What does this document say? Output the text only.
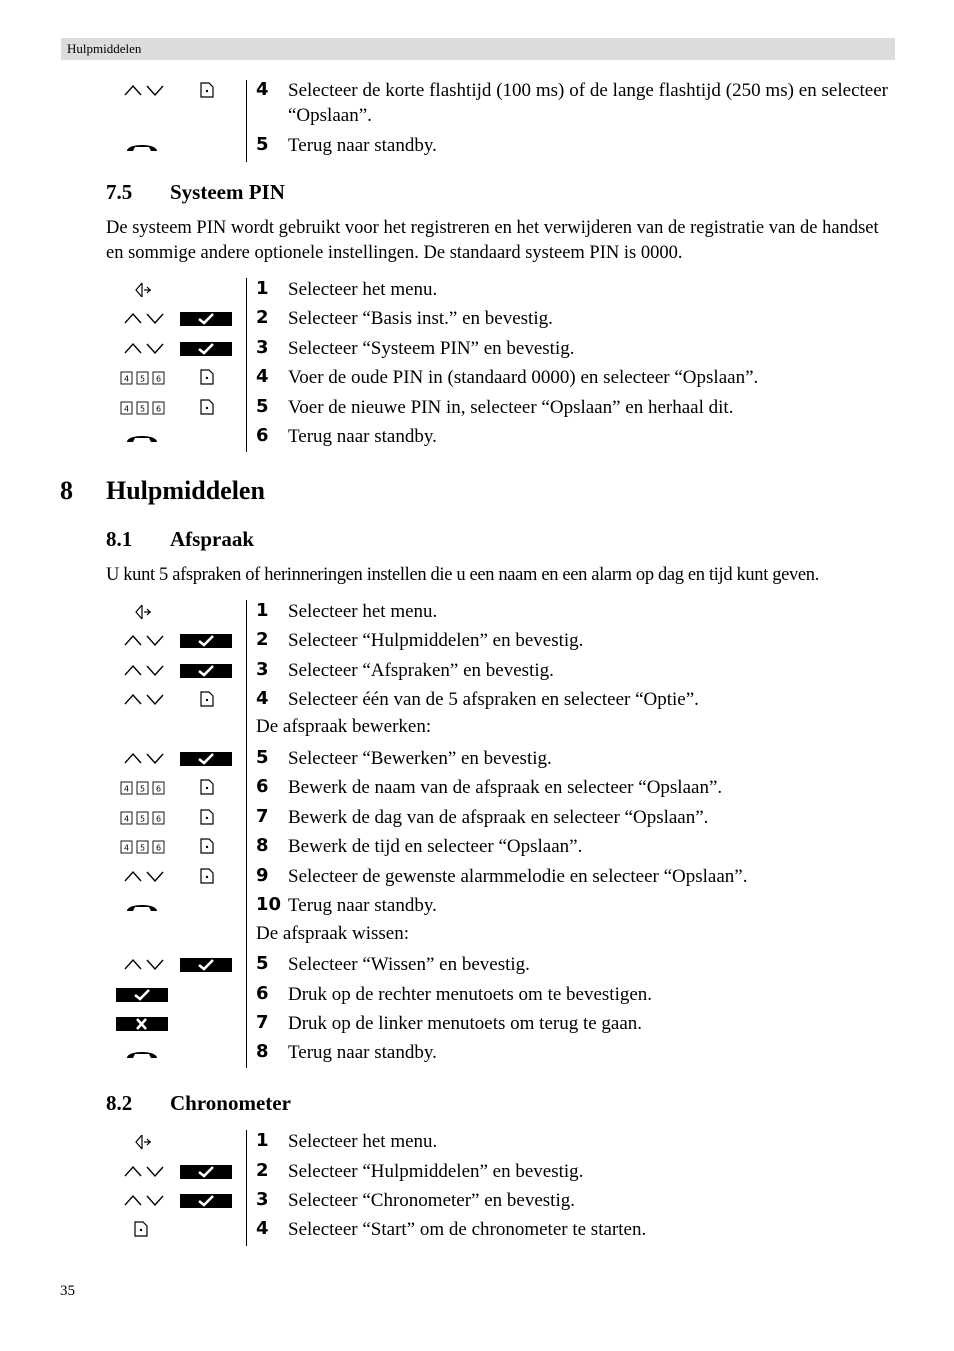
Hulpmiddelen
4 Selecteer de korte flashtijd (100 ms) of de lange flashtijd (250 ms) en selecteer “Opslaan”.
5 Terug naar standby.
7.5 Systeem PIN
De systeem PIN wordt gebruikt voor het registreren en het verwijderen van de registratie van de handset en sommige andere optionele instellingen. De standaard systeem PIN is 0000.
1 Selecteer het menu.
2 Selecteer “Basis inst.” en bevestig.
3 Selecteer “Systeem PIN” en bevestig.
4 5 6	4 Voer de oude PIN in (standaard 0000) en selecteer “Opslaan”.
4 5 6	5 Voer de nieuwe PIN in, selecteer “Opslaan” en herhaal dit.
6 Terug naar standby.
8 Hulpmiddelen
8.1 Afspraak
U kunt 5 afspraken of herinneringen instellen die u een naam en een alarm op dag en tijd kunt geven.
1 Selecteer het menu.
2 Selecteer “Hulpmiddelen” en bevestig.
3 Selecteer “Afspraken” en bevestig.
4 Selecteer één van de 5 afspraken en selecteer “Optie”.
De afspraak bewerken:
5 Selecteer “Bewerken” en bevestig.
4 5 6	6 Bewerk de naam van de afspraak en selecteer “Opslaan”.
4 5 6	7 Bewerk de dag van de afspraak en selecteer “Opslaan”.
4 5 6	8 Bewerk de tijd en selecteer “Opslaan”.
9 Selecteer de gewenste alarmmelodie en selecteer “Opslaan”.
10 Terug naar standby.
De afspraak wissen:
5 Selecteer “Wissen” en bevestig.
6 Druk op de rechter menutoets om te bevestigen.
7 Druk op de linker menutoets om terug te gaan.
8 Terug naar standby.
8.2 Chronometer
1 Selecteer het menu.
2 Selecteer “Hulpmiddelen” en bevestig.
3 Selecteer “Chronometer” en bevestig.
4 Selecteer “Start” om de chronometer te starten.
35
